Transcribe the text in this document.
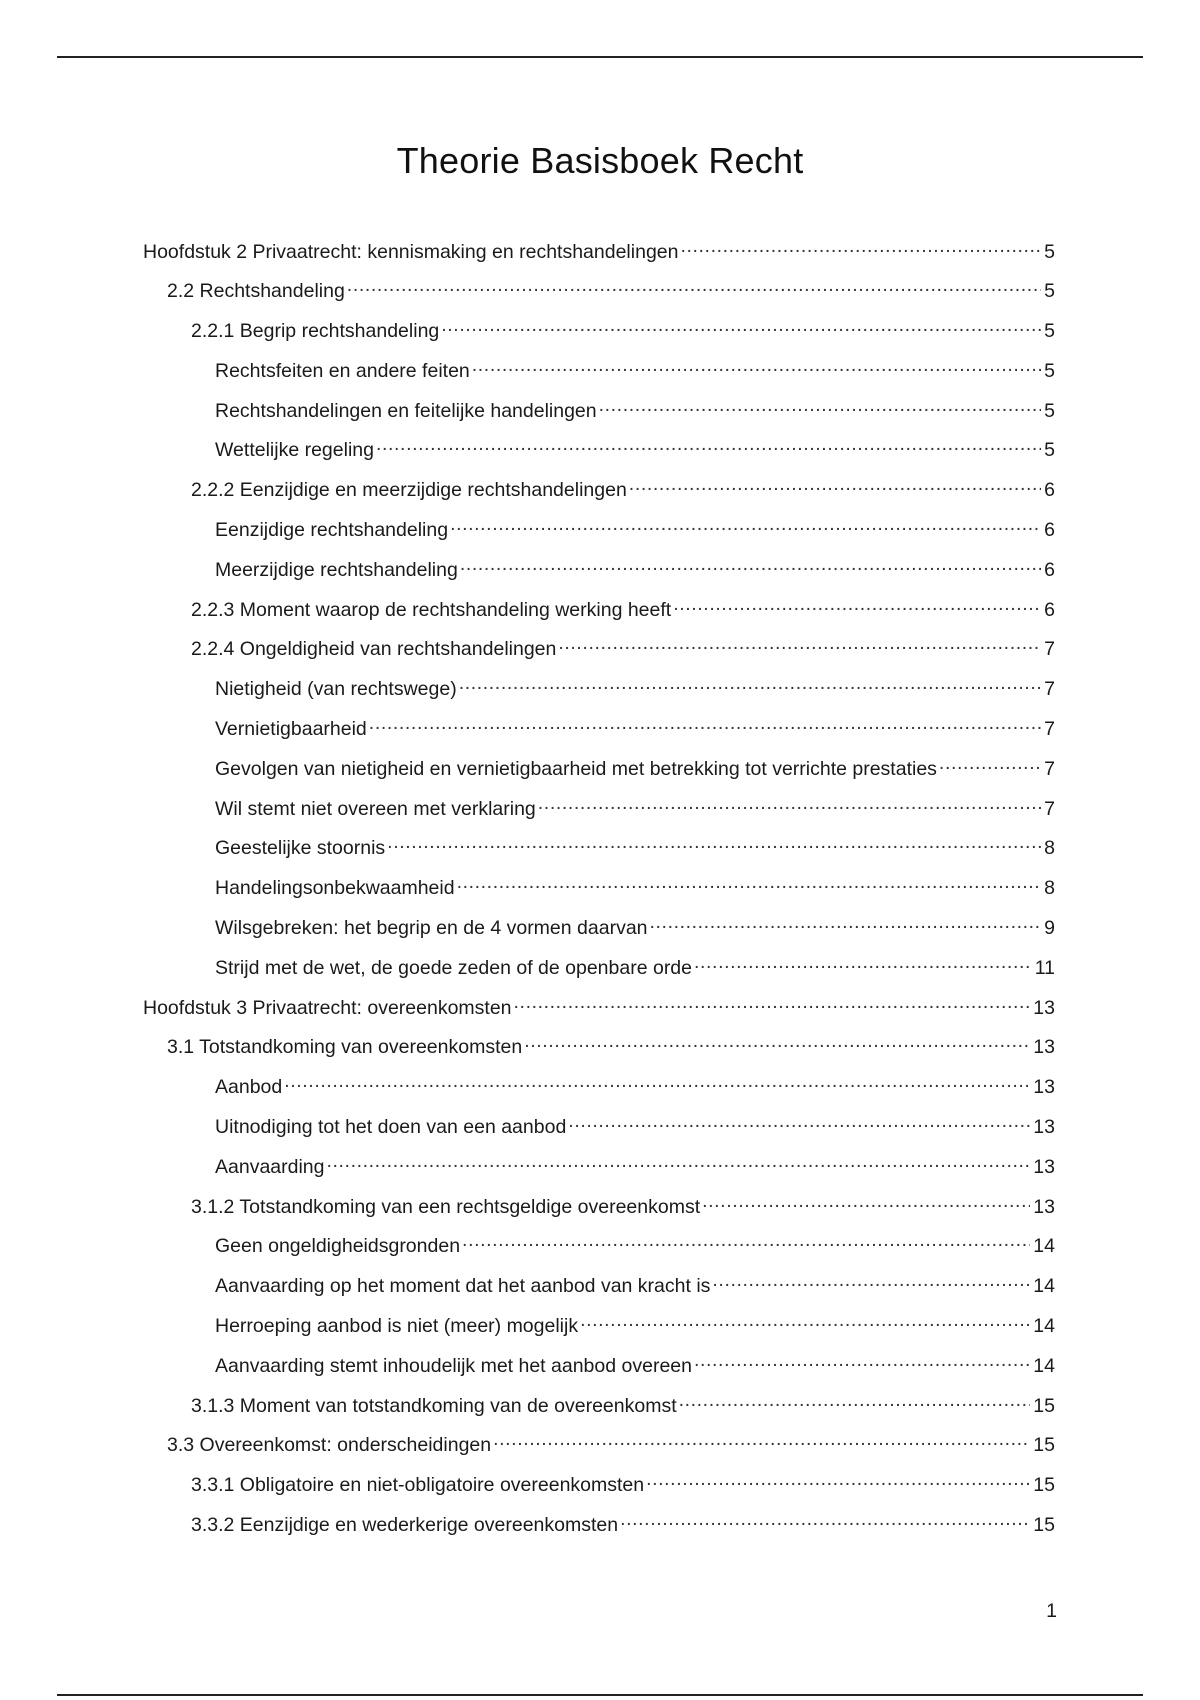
Theorie Basisboek Recht
Hoofdstuk 2 Privaatrecht: kennismaking en rechtshandelingen .....	5
2.2 Rechtshandeling .....	5
2.2.1 Begrip rechtshandeling .....	5
Rechtsfeiten en andere feiten .....	5
Rechtshandelingen en feitelijke handelingen .....	5
Wettelijke regeling .....	5
2.2.2 Eenzijdige en meerzijdige rechtshandelingen .....	6
Eenzijdige rechtshandeling .....	6
Meerzijdige rechtshandeling .....	6
2.2.3 Moment waarop de rechtshandeling werking heeft .....	6
2.2.4 Ongeldigheid van rechtshandelingen .....	7
Nietigheid (van rechtswege) .....	7
Vernietigbaarheid .....	7
Gevolgen van nietigheid en vernietigbaarheid met betrekking tot verrichte prestaties .....	7
Wil stemt niet overeen met verklaring .....	7
Geestelijke stoornis .....	8
Handelingsonbekwaamheid .....	8
Wilsgebreken: het begrip en de 4 vormen daarvan .....	9
Strijd met de wet, de goede zeden of de openbare orde .....	11
Hoofdstuk 3 Privaatrecht: overeenkomsten .....	13
3.1 Totstandkoming van overeenkomsten .....	13
Aanbod .....	13
Uitnodiging tot het doen van een aanbod .....	13
Aanvaarding .....	13
3.1.2 Totstandkoming van een rechtsgeldige overeenkomst .....	13
Geen ongeldigheidsgronden .....	14
Aanvaarding op het moment dat het aanbod van kracht is .....	14
Herroeping aanbod is niet (meer) mogelijk .....	14
Aanvaarding stemt inhoudelijk met het aanbod overeen .....	14
3.1.3 Moment van totstandkoming van de overeenkomst .....	15
3.3 Overeenkomst: onderscheidingen .....	15
3.3.1 Obligatoire en niet-obligatoire overeenkomsten .....	15
3.3.2 Eenzijdige en wederkerige overeenkomsten .....	15
1
